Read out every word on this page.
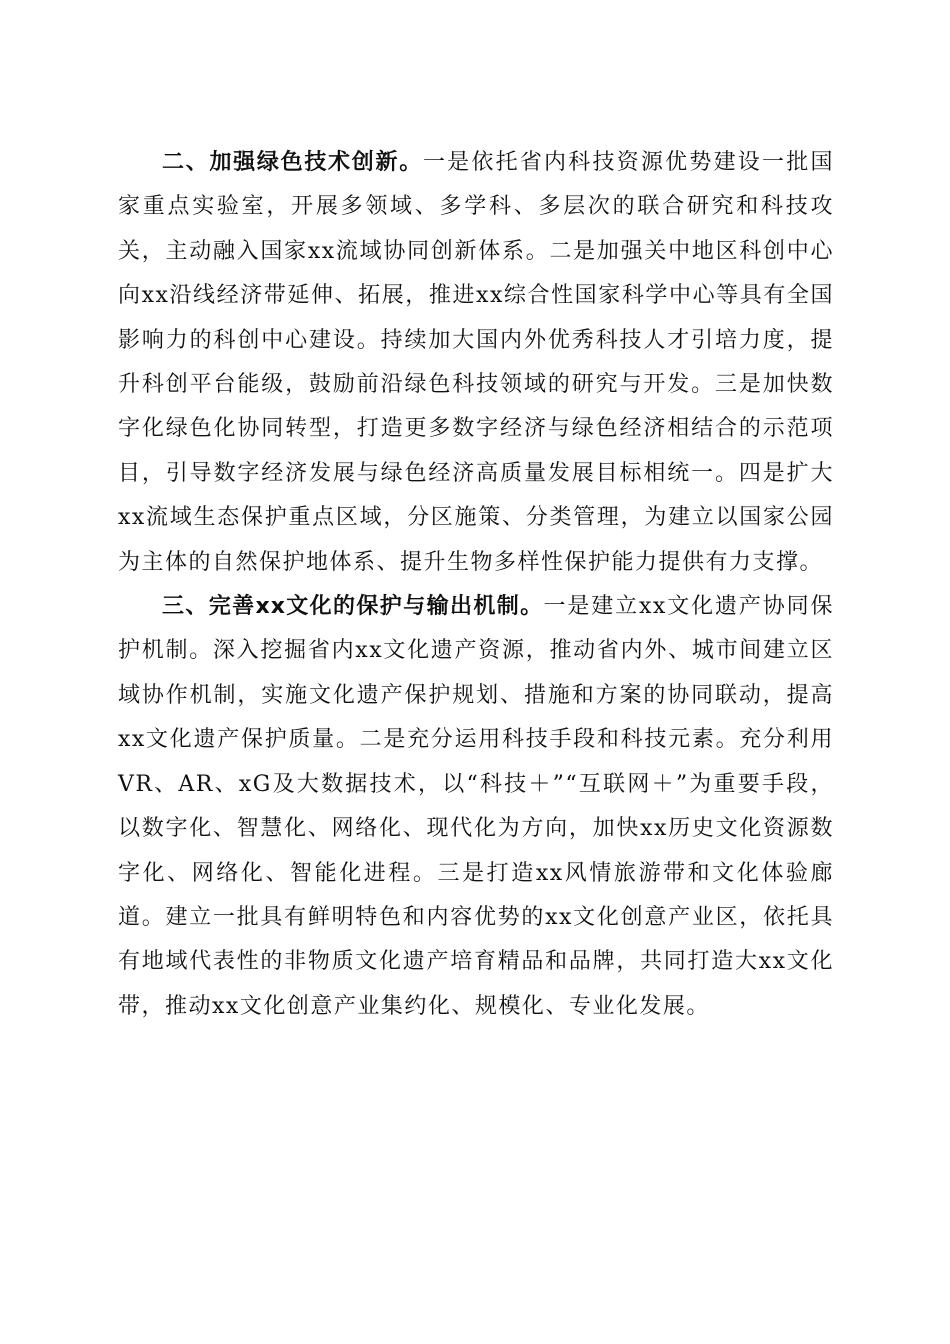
二、加强绿色技术创新。一是依托省内科技资源优势建设一批国家重点实验室，开展多领域、多学科、多层次的联合研究和科技攻关，主动融入国家xx流域协同创新体系。二是加强关中地区科创中心向xx沿线经济带延伸、拓展，推进xx综合性国家科学中心等具有全国影响力的科创中心建设。持续加大国内外优秀科技人才引培力度，提升科创平台能级，鼓励前沿绿色科技领域的研究与开发。三是加快数字化绿色化协同转型，打造更多数字经济与绿色经济相结合的示范项目，引导数字经济发展与绿色经济高质量发展目标相统一。四是扩大xx流域生态保护重点区域，分区施策、分类管理，为建立以国家公园为主体的自然保护地体系、提升生物多样性保护能力提供有力支撑。

三、完善xx文化的保护与输出机制。一是建立xx文化遗产协同保护机制。深入挖掘省内xx文化遗产资源，推动省内外、城市间建立区域协作机制，实施文化遗产保护规划、措施和方案的协同联动，提高xx文化遗产保护质量。二是充分运用科技手段和科技元素。充分利用VR、AR、xG及大数据技术，以“科技＋”“互联网＋”为重要手段，以数字化、智慧化、网络化、现代化为方向，加快xx历史文化资源数字化、网络化、智能化进程。三是打造xx风情旅游带和文化体验廊道。建立一批具有鲜明特色和内容优势的xx文化创意产业区，依托具有地域代表性的非物质文化遗产培育精品和品牌，共同打造大xx文化带，推动xx文化创意产业集约化、规模化、专业化发展。
